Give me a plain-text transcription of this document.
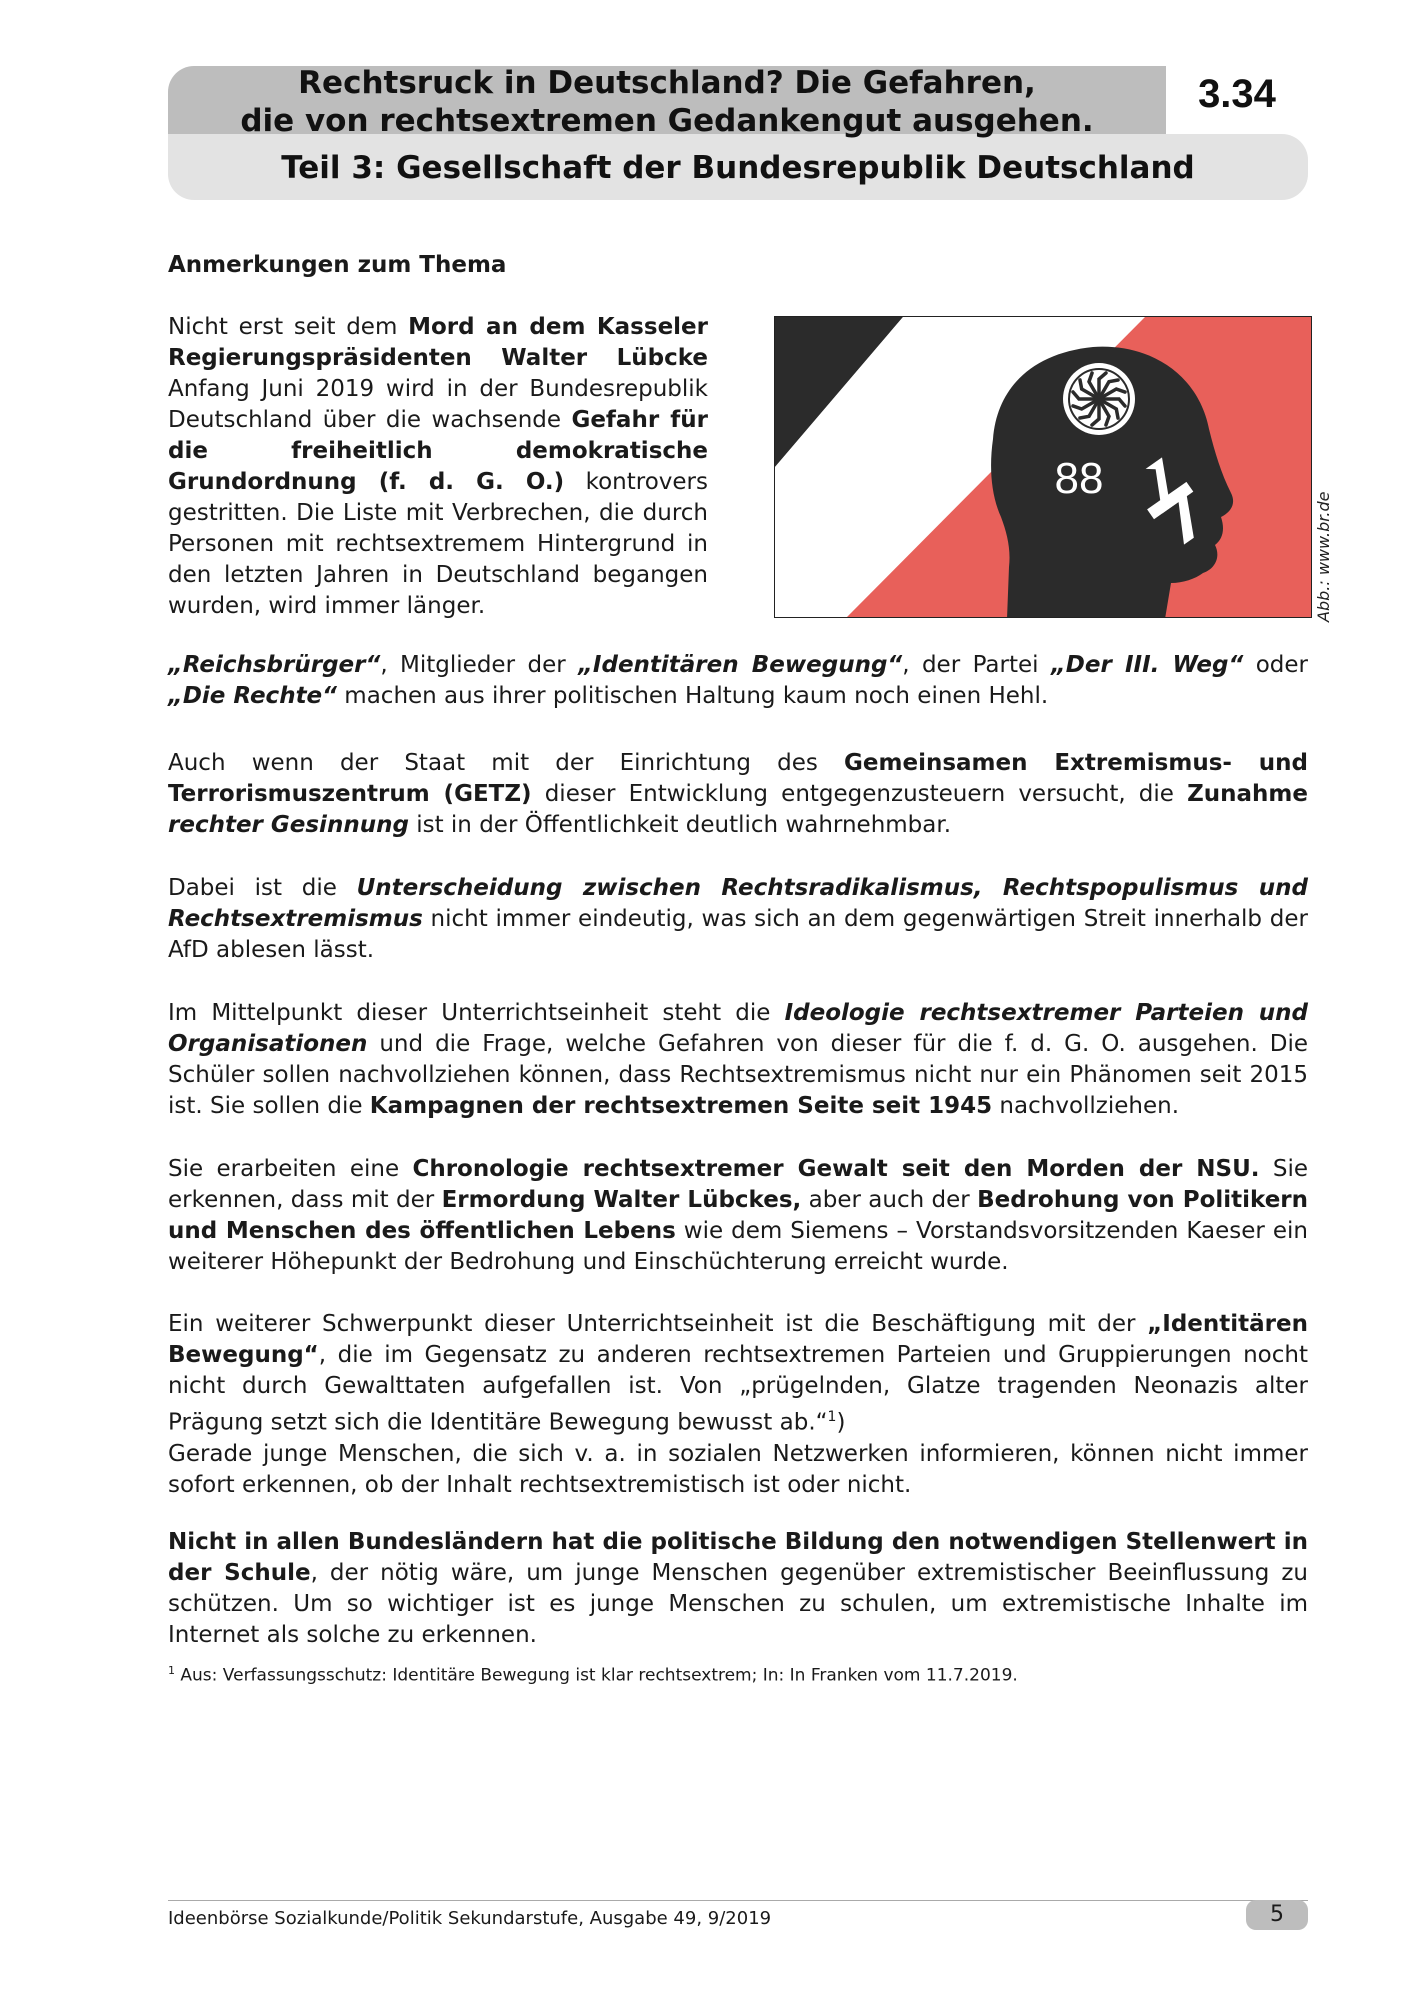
Rechtsruck in Deutschland? Die Gefahren,
die von rechtsextremen Gedankengut ausgehen.
Teil 3: Gesellschaft der Bundesrepublik Deutschland
3.34

Anmerkungen zum Thema

Nicht erst seit dem Mord an dem Kasseler Regierungspräsidenten Walter Lübcke Anfang Juni 2019 wird in der Bundesrepublik Deutschland über die wachsende Gefahr für die freiheitlich demokratische Grundordnung (f. d. G. O.) kontrovers gestritten. Die Liste mit Verbrechen, die durch Personen mit rechtsextremem Hintergrund in den letzten Jahren in Deutschland begangen wurden, wird immer länger.

88
Abb.: www.br.de

„Reichsbrürger“, Mitglieder der „Identitären Bewegung“, der Partei „Der III. Weg“ oder „Die Rechte“ machen aus ihrer politischen Haltung kaum noch einen Hehl.

Auch wenn der Staat mit der Einrichtung des Gemeinsamen Extremismus- und Terrorismuszentrum (GETZ) dieser Entwicklung entgegenzusteuern versucht, die Zunahme rechter Gesinnung ist in der Öffentlichkeit deutlich wahrnehmbar.

Dabei ist die Unterscheidung zwischen Rechtsradikalismus, Rechtspopulismus und Rechtsextremismus nicht immer eindeutig, was sich an dem gegenwärtigen Streit innerhalb der AfD ablesen lässt.

Im Mittelpunkt dieser Unterrichtseinheit steht die Ideologie rechtsextremer Parteien und Organisationen und die Frage, welche Gefahren von dieser für die f. d. G. O. ausgehen. Die Schüler sollen nachvollziehen können, dass Rechtsextremismus nicht nur ein Phänomen seit 2015 ist. Sie sollen die Kampagnen der rechtsextremen Seite seit 1945 nachvollziehen.

Sie erarbeiten eine Chronologie rechtsextremer Gewalt seit den Morden der NSU. Sie erkennen, dass mit der Ermordung Walter Lübckes, aber auch der Bedrohung von Politikern und Menschen des öffentlichen Lebens wie dem Siemens – Vorstandsvorsitzenden Kaeser ein weiterer Höhepunkt der Bedrohung und Einschüchterung erreicht wurde.

Ein weiterer Schwerpunkt dieser Unterrichtseinheit ist die Beschäftigung mit der „Identitären Bewegung“, die im Gegensatz zu anderen rechtsextremen Parteien und Gruppierungen nocht nicht durch Gewalttaten aufgefallen ist. Von „prügelnden, Glatze tragenden Neonazis alter Prägung setzt sich die Identitäre Bewegung bewusst ab.“$^1$)
Gerade junge Menschen, die sich v. a. in sozialen Netzwerken informieren, können nicht immer sofort erkennen, ob der Inhalt rechtsextremistisch ist oder nicht.

Nicht in allen Bundesländern hat die politische Bildung den notwendigen Stellenwert in der Schule, der nötig wäre, um junge Menschen gegenüber extremistischer Beeinflussung zu schützen. Um so wichtiger ist es junge Menschen zu schulen, um extremistische Inhalte im Internet als solche zu erkennen.

$^1$ Aus: Verfassungsschutz: Identitäre Bewegung ist klar rechtsextrem; In: In Franken vom 11.7.2019.

Ideenbörse Sozialkunde/Politik Sekundarstufe, Ausgabe 49, 9/2019	5
